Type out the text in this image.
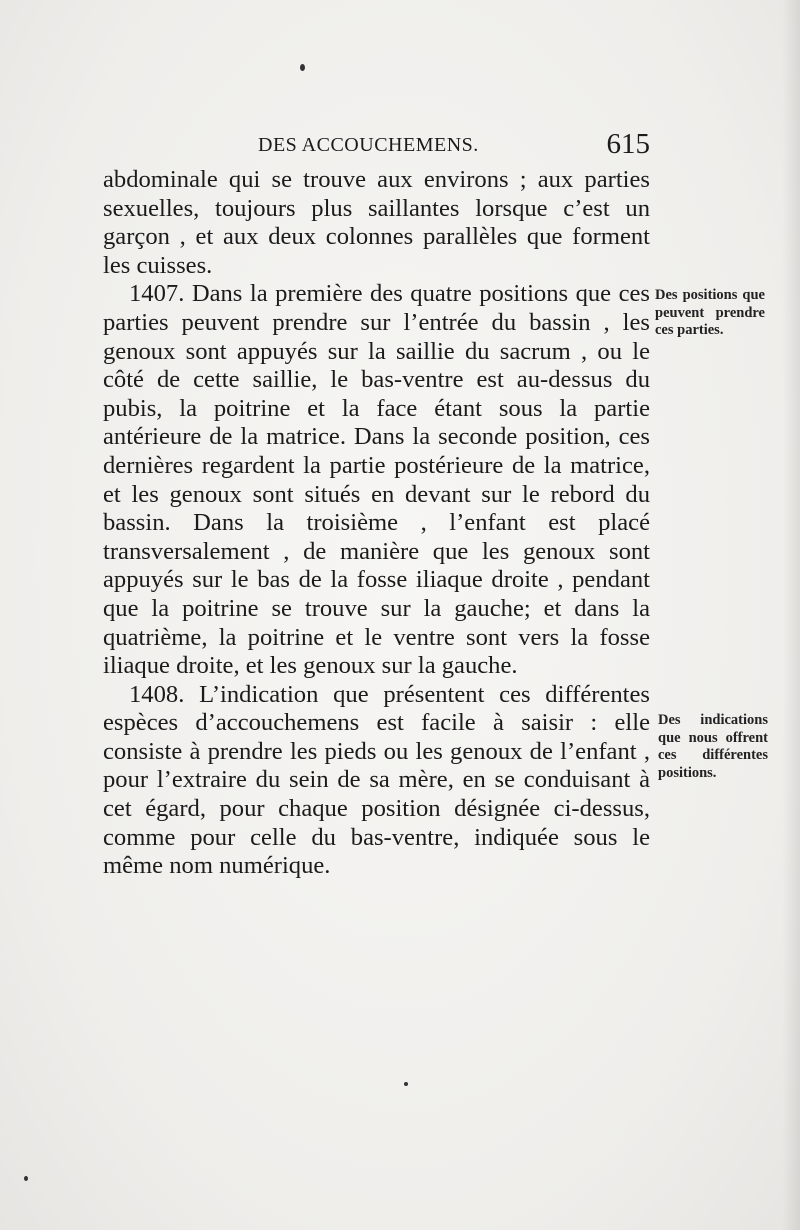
DES ACCOUCHEMENS.	615

abdominale qui se trouve aux environs ; aux parties sexuelles, toujours plus saillantes lorsque c’est un garçon , et aux deux colonnes parallèles que forment les cuisses.

1407. Dans la première des quatre positions que ces parties peuvent prendre sur l’entrée du bassin , les genoux sont appuyés sur la saillie du sacrum , ou le côté de cette saillie, le bas-ventre est au-dessus du pubis, la poitrine et la face étant sous la partie antérieure de la matrice. Dans la seconde position, ces dernières regardent la partie postérieure de la matrice, et les genoux sont situés en devant sur le rebord du bassin. Dans la troisième , l’enfant est placé transversalement , de manière que les genoux sont appuyés sur le bas de la fosse iliaque droite , pendant que la poitrine se trouve sur la gauche; et dans la quatrième, la poitrine et le ventre sont vers la fosse iliaque droite, et les genoux sur la gauche.

1408. L’indication que présentent ces différentes espèces d’accouchemens est facile à saisir : elle consiste à prendre les pieds ou les genoux de l’enfant , pour l’extraire du sein de sa mère, en se conduisant à cet égard, pour chaque position désignée ci-dessus, comme pour celle du bas-ventre, indiquée sous le même nom numérique.

Des positions que peuvent prendre ces parties.
Des indications que nous offrent ces différentes positions.
